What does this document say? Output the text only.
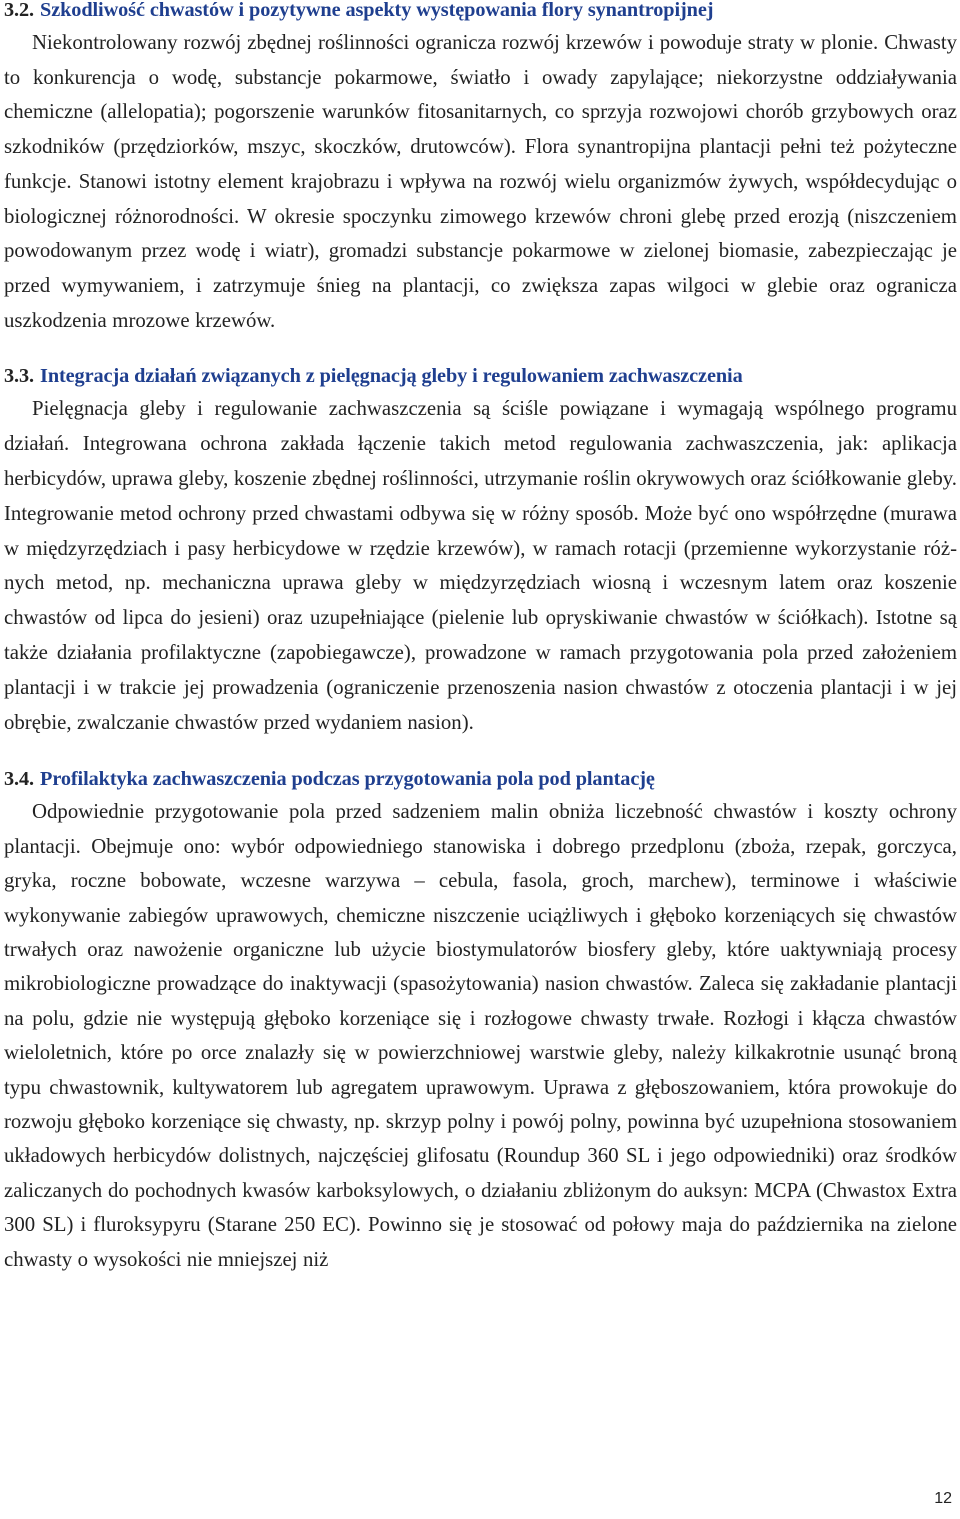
3.2. Szkodliwość chwastów i pozytywne aspekty występowania flory synantropijnej

Niekontrolowany rozwój zbędnej roślinności ogranicza rozwój krzewów i powoduje straty w plonie. Chwasty to konkurencja o wodę, substancje pokarmowe, światło i owady zapylające; niekorzystne oddziaływania chemiczne (allelopatia); pogorszenie warunków fitosanitarnych, co sprzyja rozwojowi chorób grzybowych oraz szkodników (przędziorków, mszyc, skoczków, drutowców). Flora synantropijna plantacji pełni też pożyteczne funkcje. Stanowi istotny element krajobrazu i wpływa na rozwój wielu organizmów żywych, współdecydując o biologicznej różnorodności. W okresie spoczynku zimowego krzewów chroni glebę przed erozją (niszczeniem powodowanym przez wodę i wiatr), gromadzi substancje pokarmowe w zielonej biomasie, zabezpieczając je przed wymywaniem, i zatrzymuje śnieg na plantacji, co zwiększa zapas wilgoci w glebie oraz ogranicza uszkodzenia mrozowe krzewów.

3.3. Integracja działań związanych z pielęgnacją gleby i regulowaniem zachwaszczenia

Pielęgnacja gleby i regulowanie zachwaszczenia są ściśle powiązane i wymagają wspólnego programu działań. Integrowana ochrona zakłada łączenie takich metod regulowania zachwaszczenia, jak: aplikacja herbicydów, uprawa gleby, koszenie zbędnej roślinności, utrzymanie roślin okrywowych oraz ściółkowanie gleby. Integrowanie metod ochrony przed chwastami odbywa się w różny sposób. Może być ono współrzędne (murawa w międzyrzędziach i pasy herbicydowe w rzędzie krzewów), w ramach rotacji (przemienne wykorzystanie różnych metod, np. mechaniczna uprawa gleby w międzyrzędziach wiosną i wczesnym latem oraz koszenie chwastów od lipca do jesieni) oraz uzupełniające (pielenie lub opryskiwanie chwastów w ściółkach). Istotne są także działania profilaktyczne (zapobiegawcze), prowadzone w ramach przygotowania pola przed założeniem plantacji i w trakcie jej prowadzenia (ograniczenie przenoszenia nasion chwastów z otoczenia plantacji i w jej obrębie, zwalczanie chwastów przed wydaniem nasion).

3.4. Profilaktyka zachwaszczenia podczas przygotowania pola pod plantację

Odpowiednie przygotowanie pola przed sadzeniem malin obniża liczebność chwastów i koszty ochrony plantacji. Obejmuje ono: wybór odpowiedniego stanowiska i dobrego przedplonu (zboża, rzepak, gorczyca, gryka, roczne bobowate, wczesne warzywa – cebula, fasola, groch, marchew), terminowe i właściwie wykonywanie zabiegów uprawowych, chemiczne niszczenie uciążliwych i głęboko korzeniących się chwastów trwałych oraz nawożenie organiczne lub użycie biostymulatorów biosfery gleby, które uaktywniają procesy mikrobiologiczne prowadzące do inaktywacji (spasożytowania) nasion chwastów. Zaleca się zakładanie plantacji na polu, gdzie nie występują głęboko korzeniące się i rozłogowe chwasty trwałe. Rozłogi i kłącza chwastów wieloletnich, które po orce znalazły się w powierzchniowej warstwie gleby, należy kilkakrotnie usunąć broną typu chwastownik, kultywatorem lub agregatem uprawowym. Uprawa z głęboszowaniem, która prowokuje do rozwoju głęboko korzeniące się chwasty, np. skrzyp polny i powój polny, powinna być uzupełniona stosowaniem układowych herbicydów dolistnych, najczęściej glifosatu (Roundup 360 SL i jego odpowiedniki) oraz środków zaliczanych do pochodnych kwasów karboksylowych, o działaniu zbliżonym do auksyn: MCPA (Chwastox Extra 300 SL) i fluroksypyru (Starane 250 EC). Powinno się je stosować od połowy maja do października na zielone chwasty o wysokości nie mniejszej niż

12
